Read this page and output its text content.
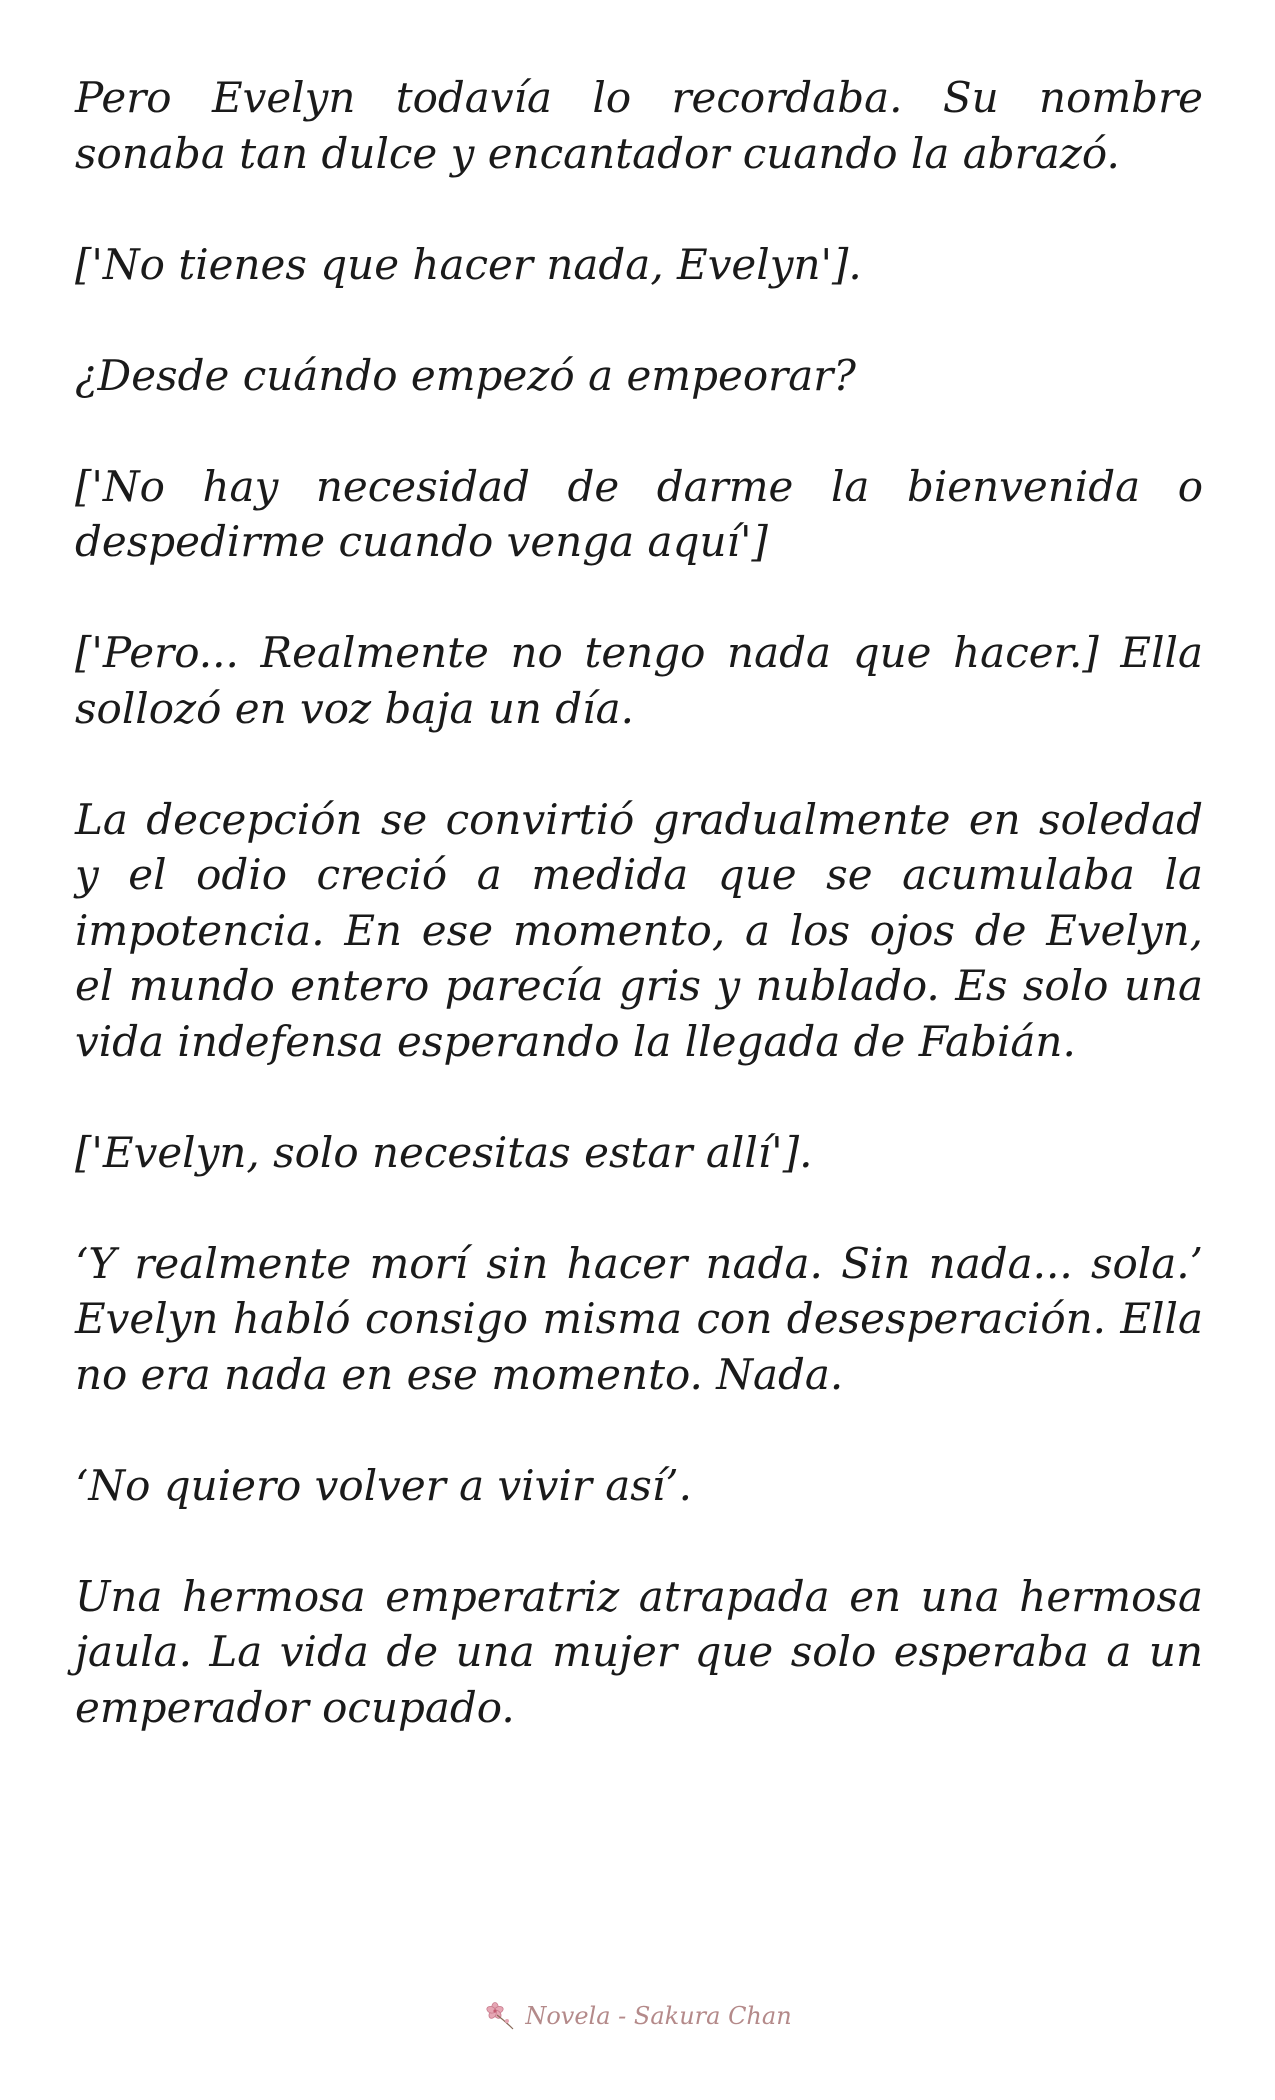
Pero Evelyn todavía lo recordaba. Su nombre sonaba tan dulce y encantador cuando la abrazó.

['No tienes que hacer nada, Evelyn'].

¿Desde cuándo empezó a empeorar?

['No hay necesidad de darme la bienvenida o despedirme cuando venga aquí']

['Pero... Realmente no tengo nada que hacer.] Ella sollozó en voz baja un día.

La decepción se convirtió gradualmente en soledad y el odio creció a medida que se acumulaba la impotencia. En ese momento, a los ojos de Evelyn, el mundo entero parecía gris y nublado. Es solo una vida indefensa esperando la llegada de Fabián.

['Evelyn, solo necesitas estar allí'].

‘Y realmente morí sin hacer nada. Sin nada... sola.’ Evelyn habló consigo misma con desesperación. Ella no era nada en ese momento. Nada.

‘No quiero volver a vivir así’.

Una hermosa emperatriz atrapada en una hermosa jaula. La vida de una mujer que solo esperaba a un emperador ocupado.

Novela - Sakura Chan
